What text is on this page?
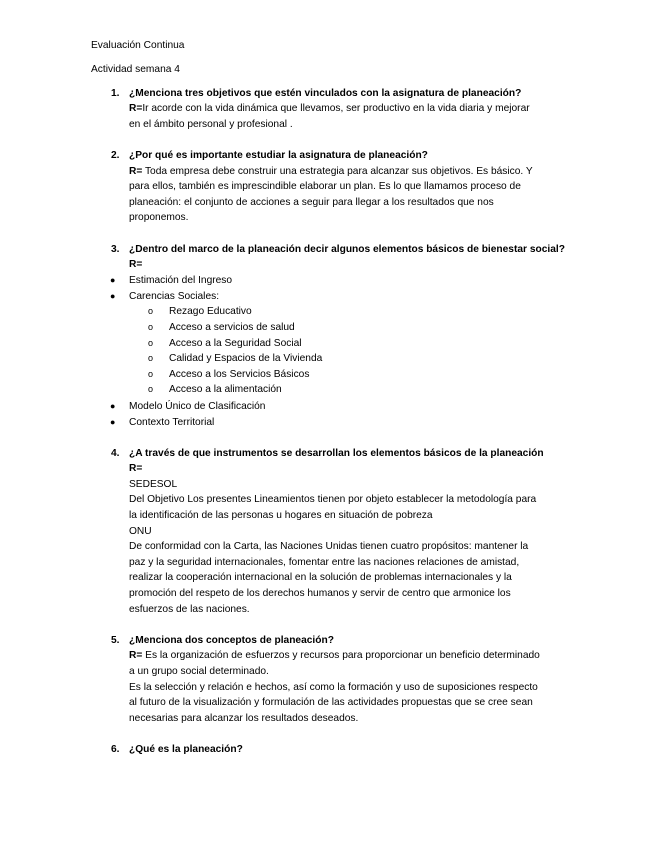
Evaluación Continua
Actividad semana 4
1. ¿Menciona tres objetivos que estén vinculados con la asignatura de planeación?
R=Ir acorde con la vida dinámica que llevamos, ser productivo en la vida diaria y mejorar
en el ámbito personal y profesional .
2. ¿Por qué es importante estudiar la asignatura de planeación?
R= Toda empresa debe construir una estrategia para alcanzar sus objetivos. Es básico. Y
para ellos, también es imprescindible elaborar un plan. Es lo que llamamos proceso de
planeación: el conjunto de acciones a seguir para llegar a los resultados que nos
proponemos.
3. ¿Dentro del marco de la planeación decir algunos elementos básicos de bienestar social?
R=
● Estimación del Ingreso
● Carencias Sociales:
o Rezago Educativo
o Acceso a servicios de salud
o Acceso a la Seguridad Social
o Calidad y Espacios de la Vivienda
o Acceso a los Servicios Básicos
o Acceso a la alimentación
● Modelo Único de Clasificación
● Contexto Territorial
4. ¿A través de que instrumentos se desarrollan los elementos básicos de la planeación
R=
SEDESOL
Del Objetivo Los presentes Lineamientos tienen por objeto establecer la metodología para
la identificación de las personas u hogares en situación de pobreza
ONU
De conformidad con la Carta, las Naciones Unidas tienen cuatro propósitos: mantener la
paz y la seguridad internacionales, fomentar entre las naciones relaciones de amistad,
realizar la cooperación internacional en la solución de problemas internacionales y la
promoción del respeto de los derechos humanos y servir de centro que armonice los
esfuerzos de las naciones.
5. ¿Menciona dos conceptos de planeación?
R= Es la organización de esfuerzos y recursos para proporcionar un beneficio determinado
a un grupo social determinado.
Es la selección y relación e hechos, así como la formación y uso de suposiciones respecto
al futuro de la visualización y formulación de las actividades propuestas que se cree sean
necesarias para alcanzar los resultados deseados.
6. ¿Qué es la planeación?
